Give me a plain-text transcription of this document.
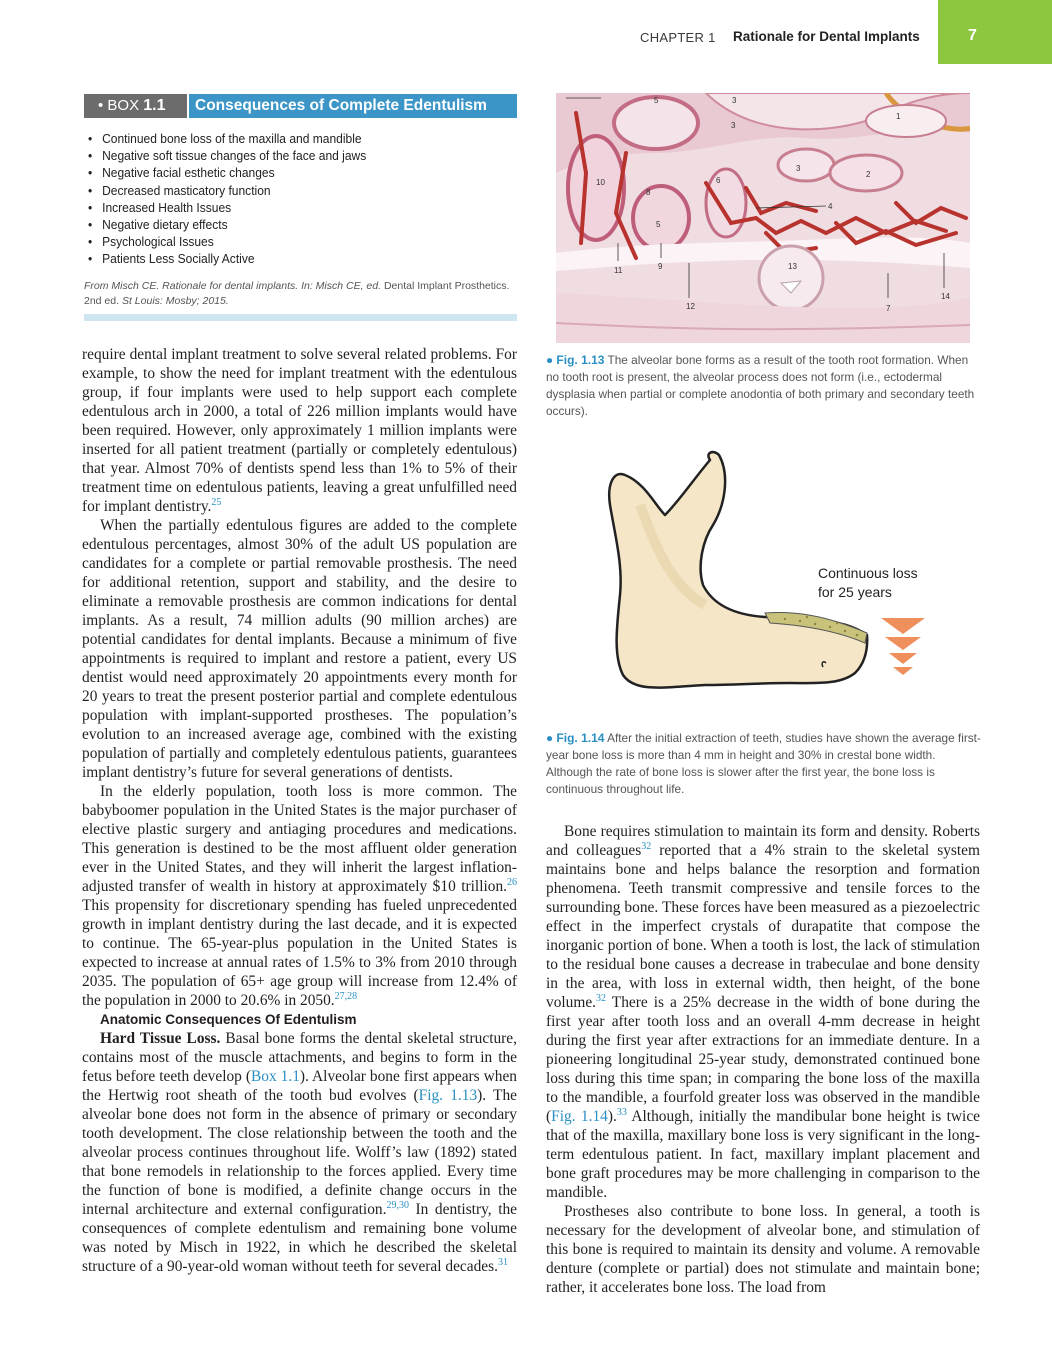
CHAPTER 1 Rationale for Dental Implants	7
• BOX 1.1	Consequences of Complete Edentulism
• Continued bone loss of the maxilla and mandible
• Negative soft tissue changes of the face and jaws
• Negative facial esthetic changes
• Decreased masticatory function
• Increased Health Issues
• Negative dietary effects
• Psychological Issues
• Patients Less Socially Active
From Misch CE. Rationale for dental implants. In: Misch CE, ed. Dental Implant Prosthetics. 2nd ed. St Louis: Mosby; 2015.

require dental implant treatment to solve several related problems. For example, to show the need for implant treatment with the edentulous group, if four implants were used to help support each complete edentulous arch in 2000, a total of 226 million implants would have been required. However, only approximately 1 million implants were inserted for all patient treatment (partially or completely edentulous) that year. Almost 70% of dentists spend less than 1% to 5% of their treatment time on edentulous patients, leaving a great unfulfilled need for implant dentistry.$^{25}$

When the partially edentulous figures are added to the complete edentulous percentages, almost 30% of the adult US population are candidates for a complete or partial removable prosthesis. The need for additional retention, support and stability, and the desire to eliminate a removable prosthesis are common indications for dental implants. As a result, 74 million adults (90 million arches) are potential candidates for dental implants. Because a minimum of five appointments is required to implant and restore a patient, every US dentist would need approximately 20 appointments every month for 20 years to treat the present posterior partial and complete edentulous population with implant-supported prostheses. The population’s evolution to an increased average age, combined with the existing population of partially and completely edentulous patients, guarantees implant dentistry’s future for several generations of dentists.

In the elderly population, tooth loss is more common. The babyboomer population in the United States is the major purchaser of elective plastic surgery and antiaging procedures and medications. This generation is destined to be the most affluent older generation ever in the United States, and they will inherit the largest inflation-adjusted transfer of wealth in history at approximately $10 trillion.$^{26}$ This propensity for discretionary spending has fueled unprecedented growth in implant dentistry during the last decade, and it is expected to continue. The 65-year-plus population in the United States is expected to increase at annual rates of 1.5% to 3% from 2010 through 2035. The population of 65+ age group will increase from 12.4% of the population in 2000 to 20.6% in 2050.$^{27,28}$

Anatomic Consequences Of Edentulism

Hard Tissue Loss. Basal bone forms the dental skeletal structure, contains most of the muscle attachments, and begins to form in the fetus before teeth develop (Box 1.1). Alveolar bone first appears when the Hertwig root sheath of the tooth bud evolves (Fig. 1.13). The alveolar bone does not form in the absence of primary or secondary tooth development. The close relationship between the tooth and the alveolar process continues throughout life. Wolff’s law (1892) stated that bone remodels in relationship to the forces applied. Every time the function of bone is modified, a definite change occurs in the internal architecture and external configuration.$^{29,30}$ In dentistry, the consequences of complete edentulism and remaining bone volume was noted by Misch in 1922, in which he described the skeletal structure of a 90-year-old woman without teeth for several decades.$^{31}$

5	3
1
3
3
2
10
8
5
6
4
13
11	9
12	7
14
● Fig. 1.13 The alveolar bone forms as a result of the tooth root formation. When no tooth root is present, the alveolar process does not form (i.e., ectodermal dysplasia when partial or complete anodontia of both primary and secondary teeth occurs).
Continuous loss
for 25 years
● Fig. 1.14 After the initial extraction of teeth, studies have shown the average first-year bone loss is more than 4 mm in height and 30% in crestal bone width. Although the rate of bone loss is slower after the first year, the bone loss is continuous throughout life.

Bone requires stimulation to maintain its form and density. Roberts and colleagues$^{32}$ reported that a 4% strain to the skeletal system maintains bone and helps balance the resorption and formation phenomena. Teeth transmit compressive and tensile forces to the surrounding bone. These forces have been measured as a piezoelectric effect in the imperfect crystals of durapatite that compose the inorganic portion of bone. When a tooth is lost, the lack of stimulation to the residual bone causes a decrease in trabeculae and bone density in the area, with loss in external width, then height, of the bone volume.$^{32}$ There is a 25% decrease in the width of bone during the first year after tooth loss and an overall 4-mm decrease in height during the first year after extractions for an immediate denture. In a pioneering longitudinal 25-year study, demonstrated continued bone loss during this time span; in comparing the bone loss of the maxilla to the mandible, a fourfold greater loss was observed in the mandible (Fig. 1.14).$^{33}$ Although, initially the mandibular bone height is twice that of the maxilla, maxillary bone loss is very significant in the long-term edentulous patient. In fact, maxillary implant placement and bone graft procedures may be more challenging in comparison to the mandible.

Prostheses also contribute to bone loss. In general, a tooth is necessary for the development of alveolar bone, and stimulation of this bone is required to maintain its density and volume. A removable denture (complete or partial) does not stimulate and maintain bone; rather, it accelerates bone loss. The load from
